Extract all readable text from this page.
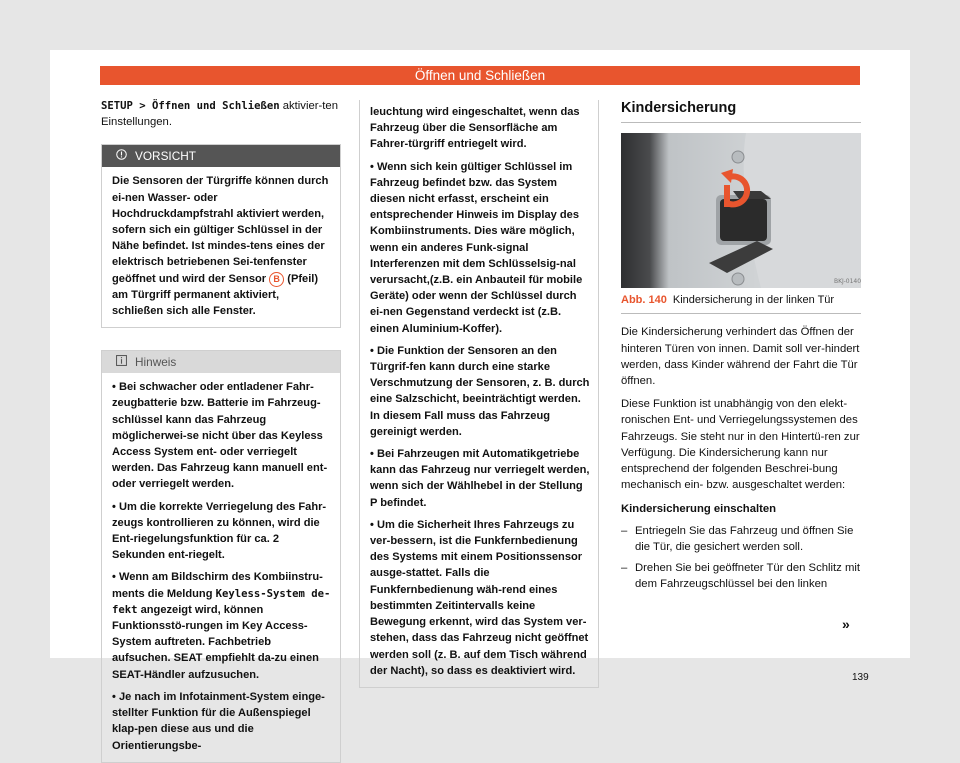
Öffnen und Schließen

SETUP > Öffnen und Schließen aktivier-ten Einstellungen.

VORSICHT

Die Sensoren der Türgriffe können durch ei-nen Wasser- oder Hochdruckdampfstrahl aktiviert werden, sofern sich ein gültiger Schlüssel in der Nähe befindet. Ist mindes-tens eines der elektrisch betriebenen Sei-tenfenster geöffnet und wird der Sensor B (Pfeil) am Türgriff permanent aktiviert, schließen sich alle Fenster.

Hinweis

• Bei schwacher oder entladener Fahr-zeugbatterie bzw. Batterie im Fahrzeug-schlüssel kann das Fahrzeug möglicherwei-se nicht über das Keyless Access System ent- oder verriegelt werden. Das Fahrzeug kann manuell ent- oder verriegelt werden.

• Um die korrekte Verriegelung des Fahr-zeugs kontrollieren zu können, wird die Ent-riegelungsfunktion für ca. 2 Sekunden ent-riegelt.

• Wenn am Bildschirm des Kombiinstru-ments die Meldung Keyless-System de-fekt angezeigt wird, können Funktionsstö-rungen im Key Access-System auftreten. Fachbetrieb aufsuchen. SEAT empfiehlt da-zu einen SEAT-Händler aufzusuchen.

• Je nach im Infotainment-System einge-stellter Funktion für die Außenspiegel klap-pen diese aus und die Orientierungsbe-

leuchtung wird eingeschaltet, wenn das Fahrzeug über die Sensorfläche am Fahrer-türgriff entriegelt wird.

• Wenn sich kein gültiger Schlüssel im Fahrzeug befindet bzw. das System diesen nicht erfasst, erscheint ein entsprechender Hinweis im Display des Kombiinstruments. Dies wäre möglich, wenn ein anderes Funk-signal Interferenzen mit dem Schlüsselsig-nal verursacht,(z.B. ein Anbauteil für mobile Geräte) oder wenn der Schlüssel durch ei-nen Gegenstand verdeckt ist (z.B. einen Aluminium-Koffer).

• Die Funktion der Sensoren an den Türgrif-fen kann durch eine starke Verschmutzung der Sensoren, z. B. durch eine Salzschicht, beeinträchtigt werden. In diesem Fall muss das Fahrzeug gereinigt werden.

• Bei Fahrzeugen mit Automatikgetriebe kann das Fahrzeug nur verriegelt werden, wenn sich der Wählhebel in der Stellung P befindet.

• Um die Sicherheit Ihres Fahrzeugs zu ver-bessern, ist die Funkfernbedienung des Systems mit einem Positionssensor ausge-stattet. Falls die Funkfernbedienung wäh-rend eines bestimmten Zeitintervalls keine Bewegung erkennt, wird das System ver-stehen, dass das Fahrzeug nicht geöffnet werden soll (z. B. auf dem Tisch während der Nacht), so dass es deaktiviert wird.

Kindersicherung
BKJ-0140
Abb. 140 Kindersicherung in der linken Tür

Die Kindersicherung verhindert das Öffnen der hinteren Türen von innen. Damit soll ver-hindert werden, dass Kinder während der Fahrt die Tür öffnen.

Diese Funktion ist unabhängig von den elekt-ronischen Ent- und Verriegelungssystemen des Fahrzeugs. Sie steht nur in den Hintertü-ren zur Verfügung. Die Kindersicherung kann nur entsprechend der folgenden Beschrei-bung mechanisch ein- bzw. ausgeschaltet werden:

Kindersicherung einschalten
– Entriegeln Sie das Fahrzeug und öffnen Sie die Tür, die gesichert werden soll.
– Drehen Sie bei geöffneter Tür den Schlitz mit dem Fahrzeugschlüssel bei den linken
»
139
